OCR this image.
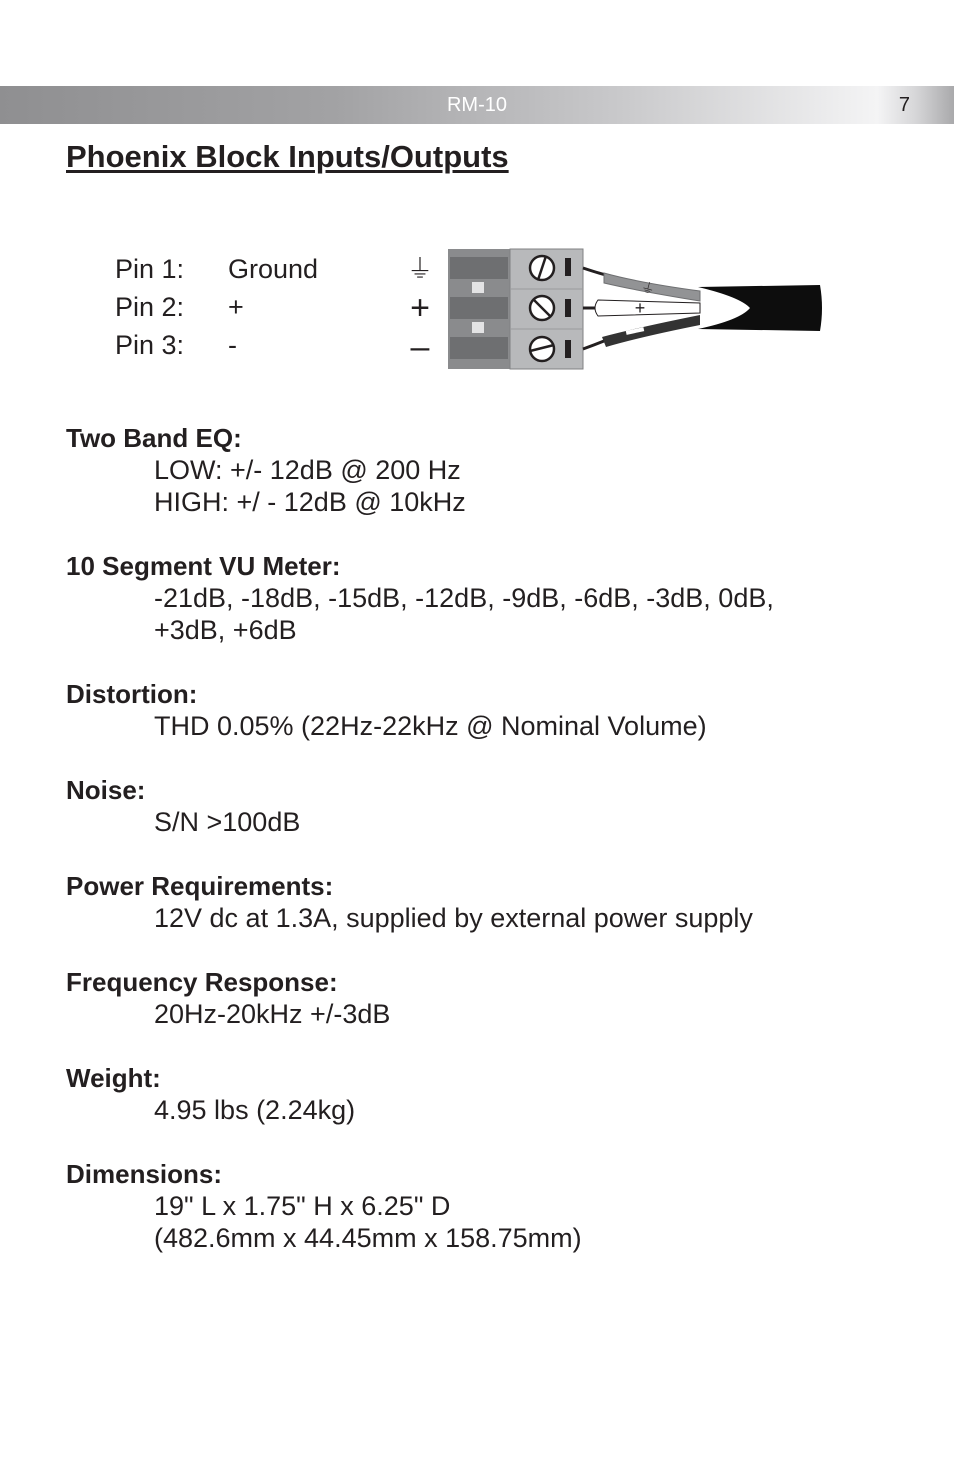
RM-10	7
Phoenix Block Inputs/Outputs
Pin 1: Ground
Pin 2: +
Pin 3: -
⏚
+
–
⏚
+

Two Band EQ:

LOW: +/- 12dB @ 200 Hz

HIGH: +/ - 12dB @ 10kHz

10 Segment VU Meter:

-21dB, -18dB, -15dB, -12dB, -9dB, -6dB, -3dB, 0dB,

+3dB, +6dB

Distortion:

THD 0.05% (22Hz-22kHz @ Nominal Volume)

Noise:

S/N >100dB

Power Requirements:

12V dc at 1.3A, supplied by external power supply

Frequency Response:

20Hz-20kHz +/-3dB

Weight:

4.95 lbs (2.24kg)

Dimensions:

19" L x 1.75" H x 6.25" D

(482.6mm x 44.45mm x 158.75mm)
